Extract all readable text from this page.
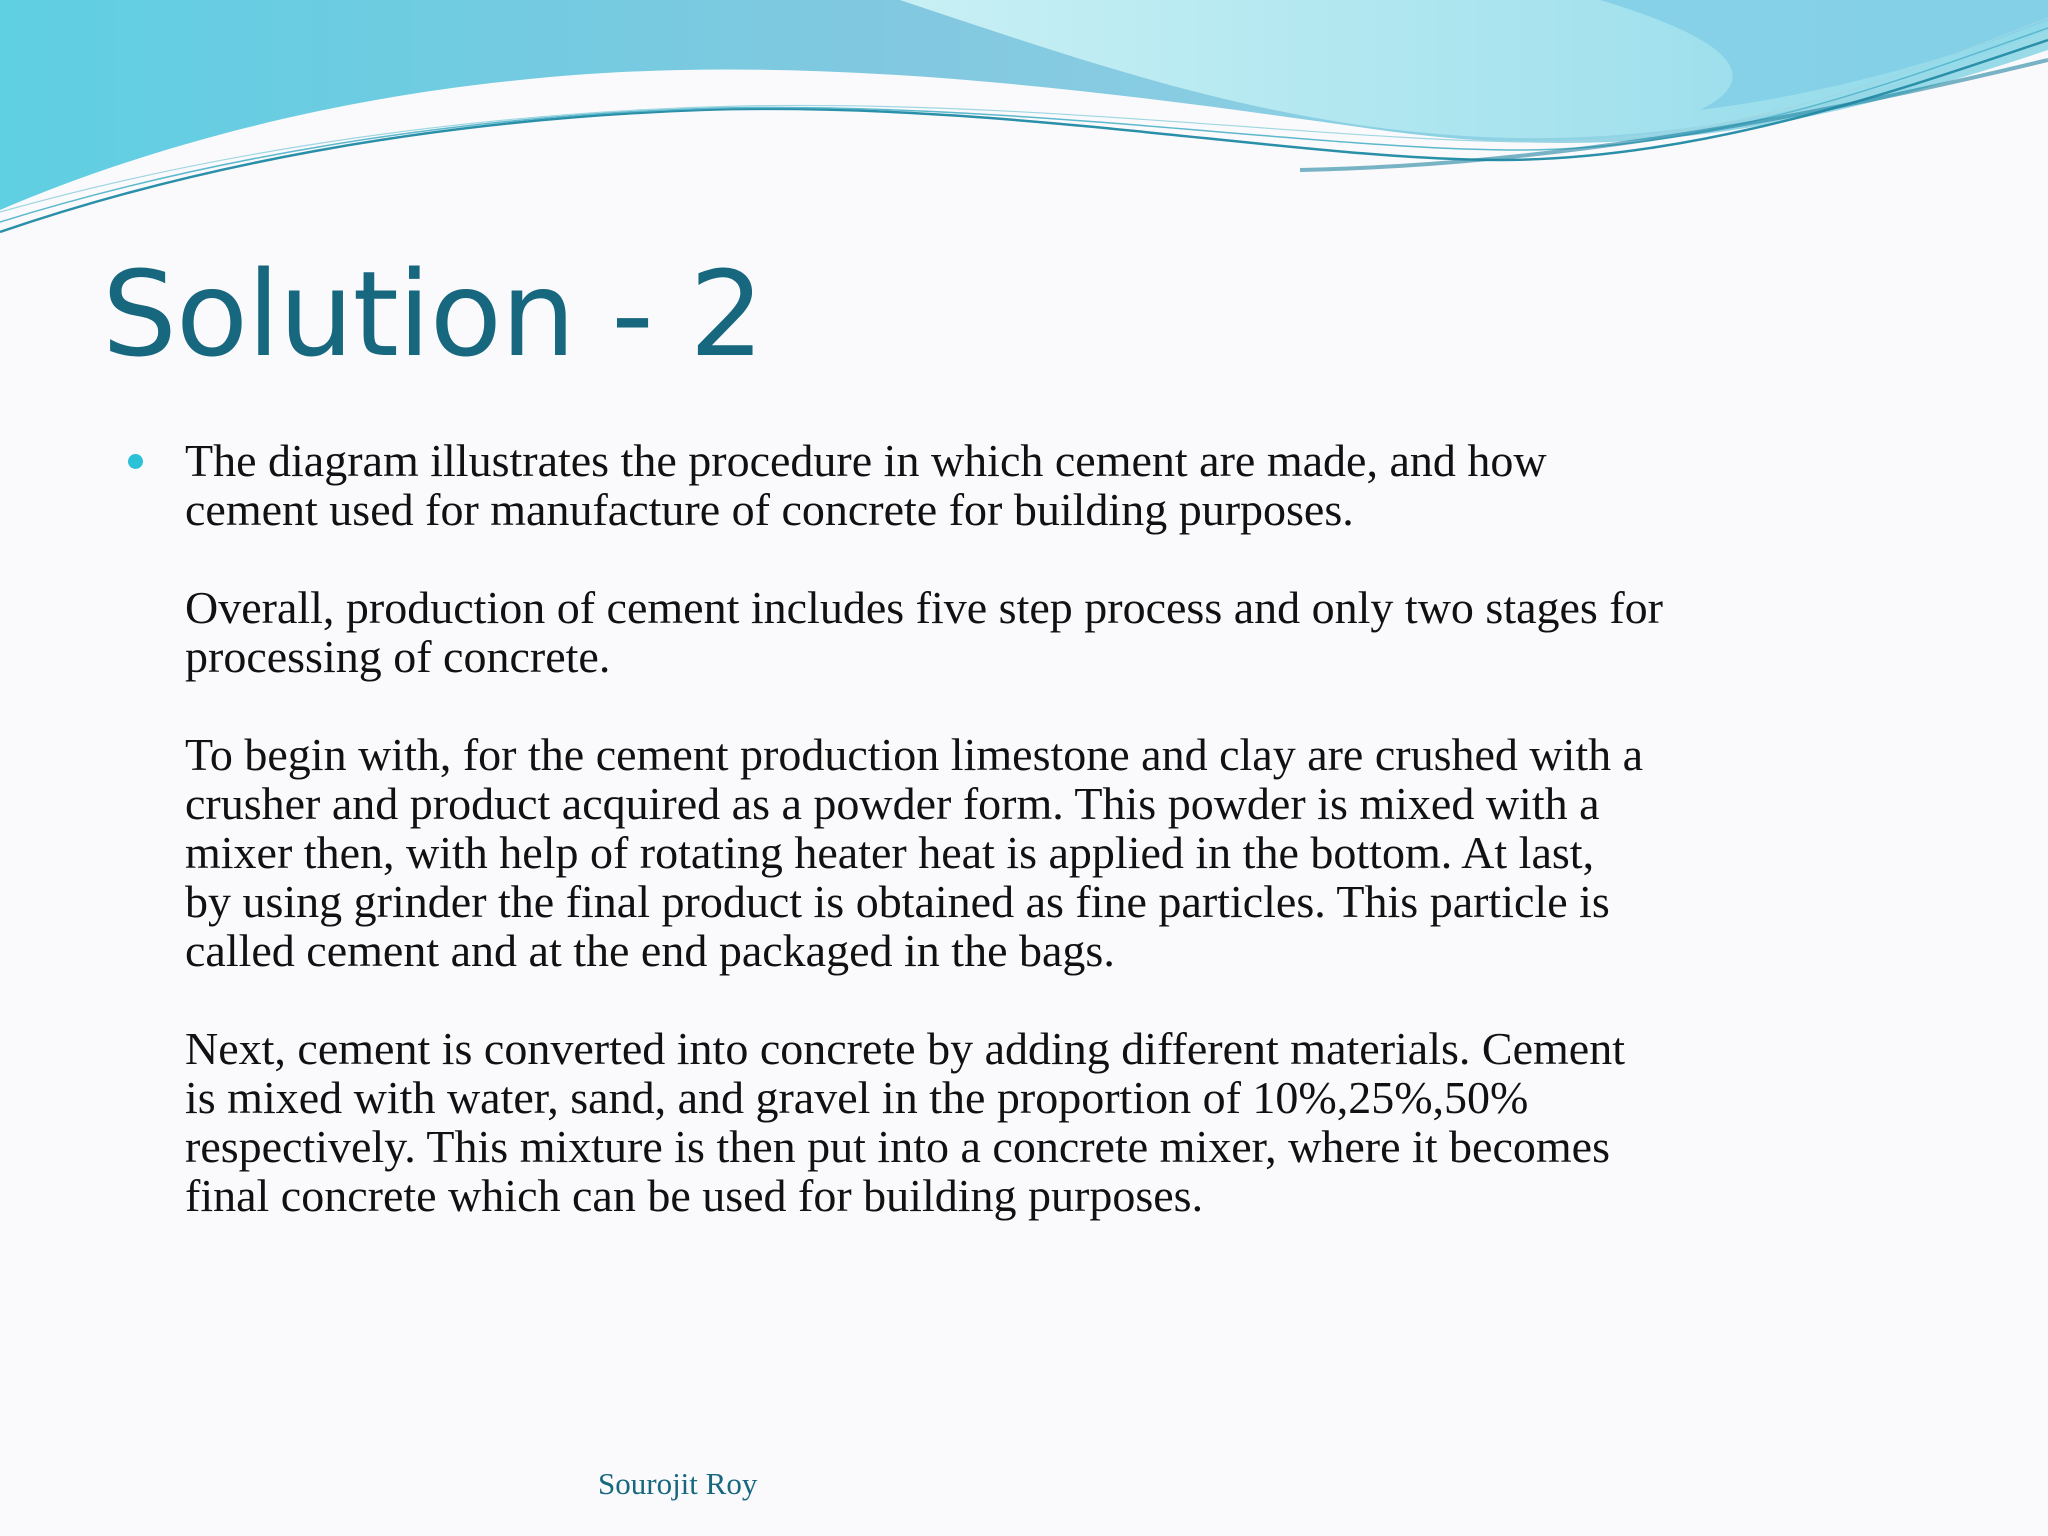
Solution - 2

The diagram illustrates the procedure in which cement are made, and how
cement used for manufacture of concrete for building purposes.

Overall, production of cement includes five step process and only two stages for
processing of concrete.

To begin with, for the cement production limestone and clay are crushed with a
crusher and product acquired as a powder form. This powder is mixed with a
mixer then, with help of rotating heater heat is applied in the bottom. At last,
by using grinder the final product is obtained as fine particles. This particle is
called cement and at the end packaged in the bags.

Next, cement is converted into concrete by adding different materials. Cement
is mixed with water, sand, and gravel in the proportion of 10%,25%,50%
respectively. This mixture is then put into a concrete mixer, where it becomes
final concrete which can be used for building purposes.

Sourojit Roy
